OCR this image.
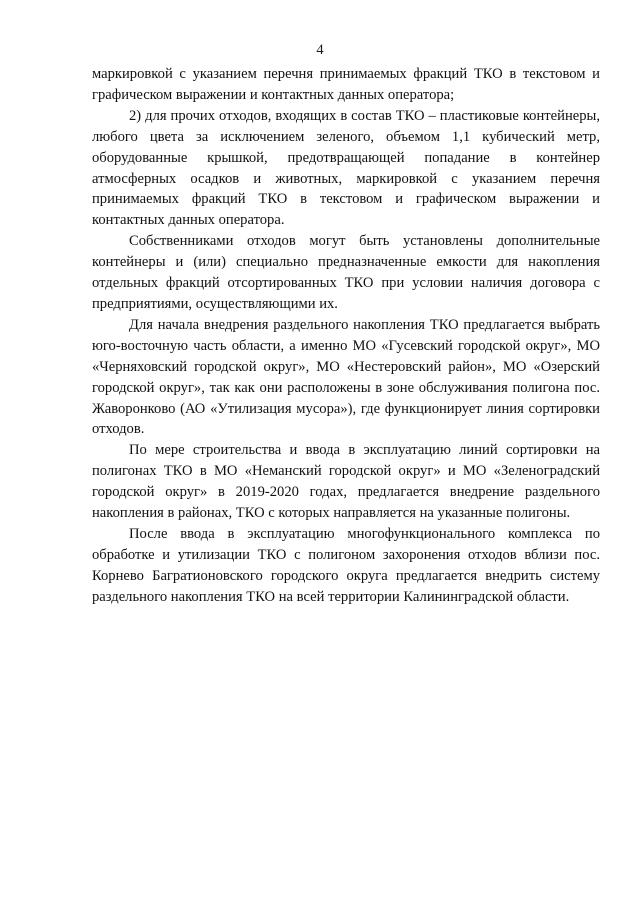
4

маркировкой с указанием перечня принимаемых фракций ТКО в текстовом и графическом выражении и контактных данных оператора;

2) для прочих отходов, входящих в состав ТКО – пластиковые контейнеры, любого цвета за исключением зеленого, объемом 1,1 кубический метр, оборудованные крышкой, предотвращающей попадание в контейнер атмосферных осадков и животных, маркировкой с указанием перечня принимаемых фракций ТКО в текстовом и графическом выражении и контактных данных оператора.

Собственниками отходов могут быть установлены дополнительные контейнеры и (или) специально предназначенные емкости для накопления отдельных фракций отсортированных ТКО при условии наличия договора с предприятиями, осуществляющими их.

Для начала внедрения раздельного накопления ТКО предлагается выбрать юго-восточную часть области, а именно МО «Гусевский городской округ», МО «Черняховский городской округ», МО «Нестеровский район», МО «Озерский городской округ», так как они расположены в зоне обслуживания полигона пос. Жаворонково (АО «Утилизация мусора»), где функционирует линия сортировки отходов.

По мере строительства и ввода в эксплуатацию линий сортировки на полигонах ТКО в МО «Неманский городской округ» и МО «Зеленоградский городской округ» в 2019-2020 годах, предлагается внедрение раздельного накопления в районах, ТКО с которых направляется на указанные полигоны.

После ввода в эксплуатацию многофункционального комплекса по обработке и утилизации ТКО с полигоном захоронения отходов вблизи пос. Корнево Багратионовского городского округа предлагается внедрить систему раздельного накопления ТКО на всей территории Калининградской области.
